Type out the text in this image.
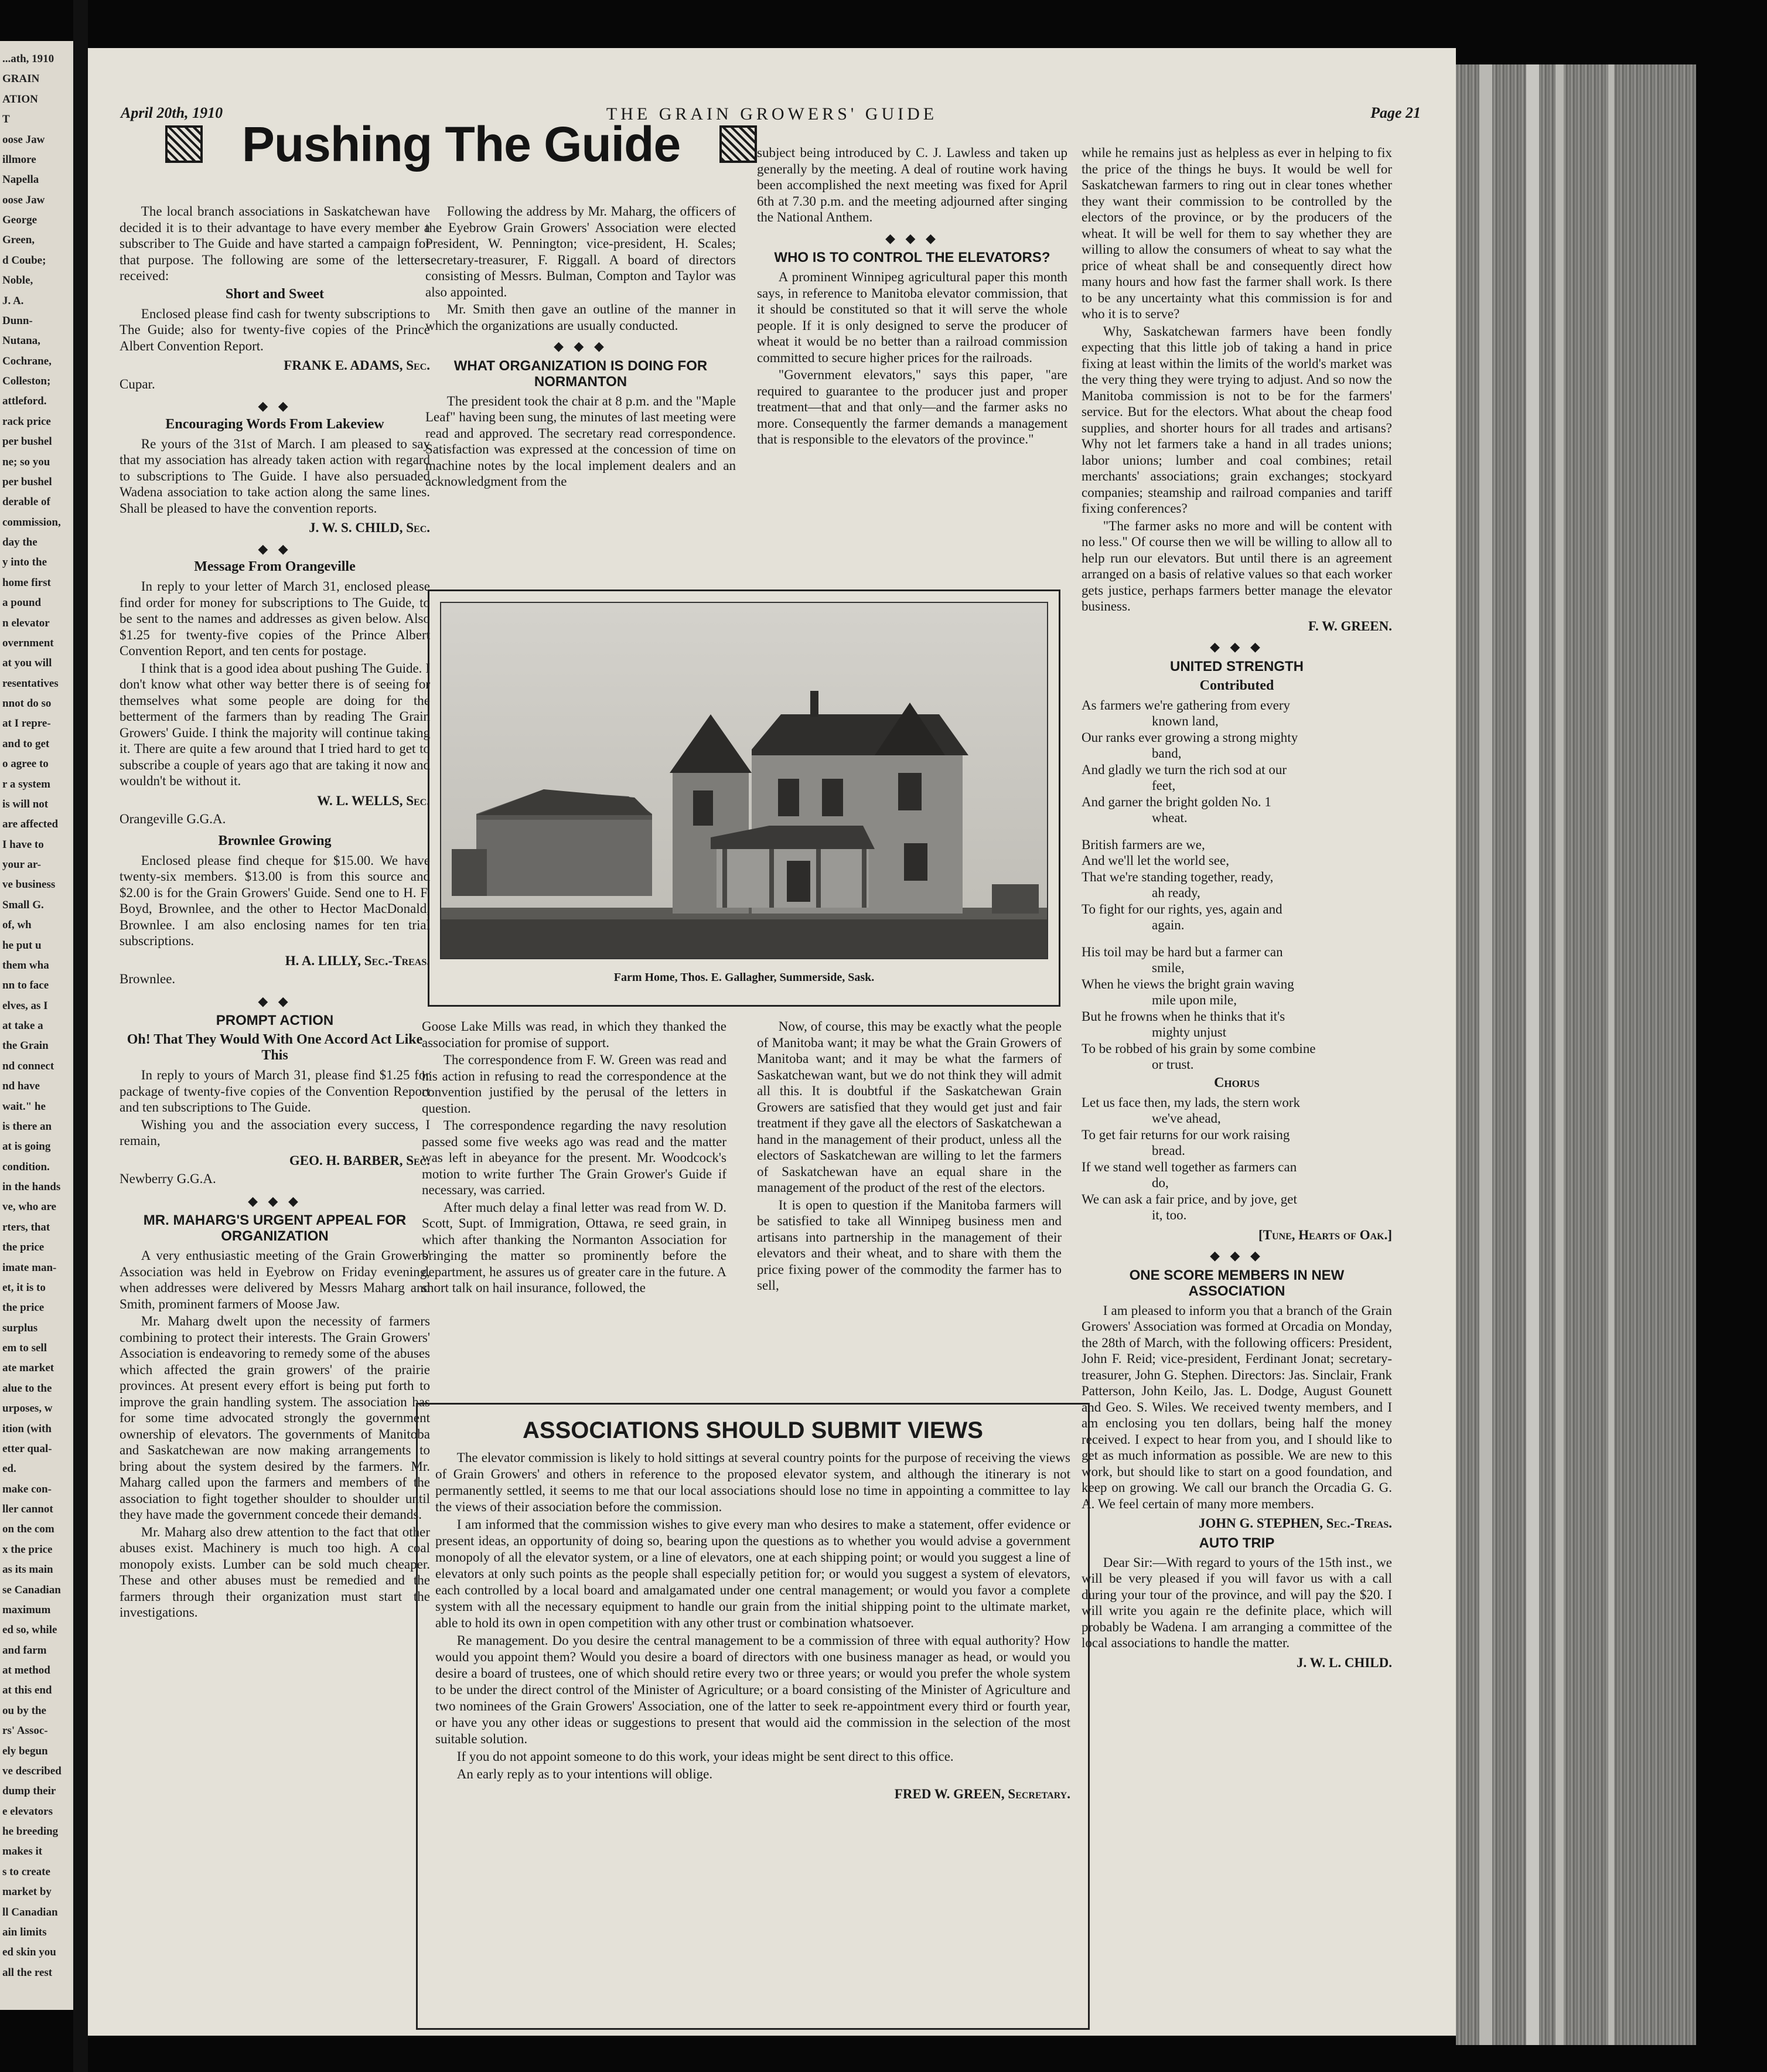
...ath, 1910
GRAIN
ATION
T
oose Jaw
illmore
Napella
oose Jaw
George
Green,
d Coube;
Noble,
J. A.
Dunn-
Nutana,
Cochrane,
Colleston;
attleford.
rack price
per bushel
ne; so you
per bushel
derable of
commission,
day the
y into the
home first
a pound
n elevator
overnment
at you will
resentatives
nnot do so
at I repre-
and to get
o agree to
r a system
is will not
are affected
I have to
your ar-
ve business
Small G.
of, wh
he put u
them wha
nn to face
elves, as I
at take a
the Grain
nd connect
nd have
wait." he
is there an
at is going
condition.
in the hands
ve, who are
rters, that
the price
imate man-
et, it is to
the price
surplus
em to sell
ate market
alue to the
urposes, w
ition (with
etter qual-
ed.
make con-
ller cannot
on the com
x the price
as its main
se Canadian
maximum
ed so, while
and farm
at method
at this end
ou by the
rs' Assoc-
ely begun
ve described
dump their
e elevators
he breeding
makes it
s to create
market by
ll Canadian
ain limits
ed skin you
all the rest
April 20th, 1910	THE GRAIN GROWERS' GUIDE	Page 21
Pushing The Guide

The local branch associations in Saskatchewan have decided it is to their advantage to have every member a subscriber to The Guide and have started a campaign for that purpose. The following are some of the letters received:

Short and Sweet

Enclosed please find cash for twenty subscriptions to The Guide; also for twenty-five copies of the Prince Albert Convention Report.

FRANK E. ADAMS, Sec.

Cupar.

◆ ◆

Encouraging Words From Lakeview

Re yours of the 31st of March. I am pleased to say that my association has already taken action with regard to subscriptions to The Guide. I have also persuaded Wadena association to take action along the same lines. Shall be pleased to have the convention reports.

J. W. S. CHILD, Sec.

◆ ◆

Message From Orangeville

In reply to your letter of March 31, enclosed please find order for money for subscriptions to The Guide, to be sent to the names and addresses as given below. Also $1.25 for twenty-five copies of the Prince Albert Convention Report, and ten cents for postage.

I think that is a good idea about pushing The Guide. I don't know what other way better there is of seeing for themselves what some people are doing for the betterment of the farmers than by reading The Grain Growers' Guide. I think the majority will continue taking it. There are quite a few around that I tried hard to get to subscribe a couple of years ago that are taking it now and wouldn't be without it.

W. L. WELLS, Sec.

Orangeville G.G.A.

Brownlee Growing

Enclosed please find cheque for $15.00. We have twenty-six members. $13.00 is from this source and $2.00 is for the Grain Growers' Guide. Send one to H. F. Boyd, Brownlee, and the other to Hector MacDonald, Brownlee. I am also enclosing names for ten trial subscriptions.

H. A. LILLY, Sec.-Treas.

Brownlee.

◆ ◆

PROMPT ACTION
Oh! That They Would With One Accord Act Like This

In reply to yours of March 31, please find $1.25 for package of twenty-five copies of the Convention Report and ten subscriptions to The Guide.

Wishing you and the association every success, I remain,

GEO. H. BARBER, Sec.

Newberry G.G.A.

◆ ◆ ◆

MR. MAHARG'S URGENT APPEAL FOR ORGANIZATION

A very enthusiastic meeting of the Grain Growers' Association was held in Eyebrow on Friday evening, when addresses were delivered by Messrs Maharg and Smith, prominent farmers of Moose Jaw.

Mr. Maharg dwelt upon the necessity of farmers combining to protect their interests. The Grain Growers' Association is endeavoring to remedy some of the abuses which affected the grain growers' of the prairie provinces. At present every effort is being put forth to improve the grain handling system. The association has for some time advocated strongly the government ownership of elevators. The governments of Manitoba and Saskatchewan are now making arrangements to bring about the system desired by the farmers. Mr. Maharg called upon the farmers and members of the association to fight together shoulder to shoulder until they have made the government concede their demands.

Mr. Maharg also drew attention to the fact that other abuses exist. Machinery is much too high. A coal monopoly exists. Lumber can be sold much cheaper. These and other abuses must be remedied and the farmers through their organization must start the investigations.

Following the address by Mr. Maharg, the officers of the Eyebrow Grain Growers' Association were elected President, W. Pennington; vice-president, H. Scales; secretary-treasurer, F. Riggall. A board of directors consisting of Messrs. Bulman, Compton and Taylor was also appointed.

Mr. Smith then gave an outline of the manner in which the organizations are usually conducted.

◆ ◆ ◆

WHAT ORGANIZATION IS DOING FOR NORMANTON

The president took the chair at 8 p.m. and the "Maple Leaf" having been sung, the minutes of last meeting were read and approved. The secretary read correspondence. Satisfaction was expressed at the concession of time on machine notes by the local implement dealers and an acknowledgment from the

subject being introduced by C. J. Lawless and taken up generally by the meeting. A deal of routine work having been accomplished the next meeting was fixed for April 6th at 7.30 p.m. and the meeting adjourned after singing the National Anthem.

◆ ◆ ◆

WHO IS TO CONTROL THE ELEVATORS?

A prominent Winnipeg agricultural paper this month says, in reference to Manitoba elevator commission, that it should be constituted so that it will serve the whole people. If it is only designed to serve the producer of wheat it would be no better than a railroad commission committed to secure higher prices for the railroads.

"Government elevators," says this paper, "are required to guarantee to the producer just and proper treatment—that and that only—and the farmer asks no more. Consequently the farmer demands a management that is responsible to the elevators of the province."

Farm Home, Thos. E. Gallagher, Summerside, Sask.

Goose Lake Mills was read, in which they thanked the association for promise of support.

The correspondence from F. W. Green was read and his action in refusing to read the correspondence at the convention justified by the perusal of the letters in question.

The correspondence regarding the navy resolution passed some five weeks ago was read and the matter was left in abeyance for the present. Mr. Woodcock's motion to write further The Grain Grower's Guide if necessary, was carried.

After much delay a final letter was read from W. D. Scott, Supt. of Immigration, Ottawa, re seed grain, in which after thanking the Normanton Association for bringing the matter so prominently before the department, he assures us of greater care in the future. A short talk on hail insurance, followed, the

Now, of course, this may be exactly what the people of Manitoba want; it may be what the Grain Growers of Manitoba want; and it may be what the farmers of Saskatchewan want, but we do not think they will admit all this. It is doubtful if the Saskatchewan Grain Growers are satisfied that they would get just and fair treatment if they gave all the electors of Saskatchewan a hand in the management of their product, unless all the electors of Saskatchewan are willing to let the farmers of Saskatchewan have an equal share in the management of the product of the rest of the electors.

It is open to question if the Manitoba farmers will be satisfied to take all Winnipeg business men and artisans into partnership in the management of their elevators and their wheat, and to share with them the price fixing power of the commodity the farmer has to sell,

ASSOCIATIONS SHOULD SUBMIT VIEWS

The elevator commission is likely to hold sittings at several country points for the purpose of receiving the views of Grain Growers' and others in reference to the proposed elevator system, and although the itinerary is not permanently settled, it seems to me that our local associations should lose no time in appointing a committee to lay the views of their association before the commission.

I am informed that the commission wishes to give every man who desires to make a statement, offer evidence or present ideas, an opportunity of doing so, bearing upon the questions as to whether you would advise a government monopoly of all the elevator system, or a line of elevators, one at each shipping point; or would you suggest a line of elevators at only such points as the people shall especially petition for; or would you suggest a system of elevators, each controlled by a local board and amalgamated under one central management; or would you favor a complete system with all the necessary equipment to handle our grain from the initial shipping point to the ultimate market, able to hold its own in open competition with any other trust or combination whatsoever.

Re management. Do you desire the central management to be a commission of three with equal authority? How would you appoint them? Would you desire a board of directors with one business manager as head, or would you desire a board of trustees, one of which should retire every two or three years; or would you prefer the whole system to be under the direct control of the Minister of Agriculture; or a board consisting of the Minister of Agriculture and two nominees of the Grain Growers' Association, one of the latter to seek re-appointment every third or fourth year, or have you any other ideas or suggestions to present that would aid the commission in the selection of the most suitable solution.

If you do not appoint someone to do this work, your ideas might be sent direct to this office.

An early reply as to your intentions will oblige.

FRED W. GREEN, Secretary.

while he remains just as helpless as ever in helping to fix the price of the things he buys. It would be well for Saskatchewan farmers to ring out in clear tones whether they want their commission to be controlled by the electors of the province, or by the producers of the wheat. It will be well for them to say whether they are willing to allow the consumers of wheat to say what the price of wheat shall be and consequently direct how many hours and how fast the farmer shall work. Is there to be any uncertainty what this commission is for and who it is to serve?

Why, Saskatchewan farmers have been fondly expecting that this little job of taking a hand in price fixing at least within the limits of the world's market was the very thing they were trying to adjust. And so now the Manitoba commission is not to be for the farmers' service. But for the electors. What about the cheap food supplies, and shorter hours for all trades and artisans? Why not let farmers take a hand in all trades unions; labor unions; lumber and coal combines; retail merchants' associations; grain exchanges; stockyard companies; steamship and railroad companies and tariff fixing conferences?

"The farmer asks no more and will be content with no less." Of course then we will be willing to allow all to help run our elevators. But until there is an agreement arranged on a basis of relative values so that each worker gets justice, perhaps farmers better manage the elevator business.

F. W. GREEN.

◆ ◆ ◆

UNITED STRENGTH
Contributed

As farmers we're gathering from every

known land,

Our ranks ever growing a strong mighty

band,

And gladly we turn the rich sod at our

feet,

And garner the bright golden No. 1

wheat.

British farmers are we,

And we'll let the world see,

That we're standing together, ready,

ah ready,

To fight for our rights, yes, again and

again.

His toil may be hard but a farmer can

smile,

When he views the bright grain waving

mile upon mile,

But he frowns when he thinks that it's

mighty unjust

To be robbed of his grain by some combine

or trust.

Chorus

Let us face then, my lads, the stern work

we've ahead,

To get fair returns for our work raising

bread.

If we stand well together as farmers can

do,

We can ask a fair price, and by jove, get

it, too.

[Tune, Hearts of Oak.]

◆ ◆ ◆

ONE SCORE MEMBERS IN NEW ASSOCIATION

I am pleased to inform you that a branch of the Grain Growers' Association was formed at Orcadia on Monday, the 28th of March, with the following officers: President, John F. Reid; vice-president, Ferdinant Jonat; secretary-treasurer, John G. Stephen. Directors: Jas. Sinclair, Frank Patterson, John Keilo, Jas. L. Dodge, August Gounett and Geo. S. Wiles. We received twenty members, and I am enclosing you ten dollars, being half the money received. I expect to hear from you, and I should like to get as much information as possible. We are new to this work, but should like to start on a good foundation, and keep on growing. We call our branch the Orcadia G. G. A. We feel certain of many more members.

JOHN G. STEPHEN, Sec.-Treas.

AUTO TRIP

Dear Sir:—With regard to yours of the 15th inst., we will be very pleased if you will favor us with a call during your tour of the province, and will pay the $20. I will write you again re the definite place, which will probably be Wadena. I am arranging a committee of the local associations to handle the matter.

J. W. L. CHILD.
